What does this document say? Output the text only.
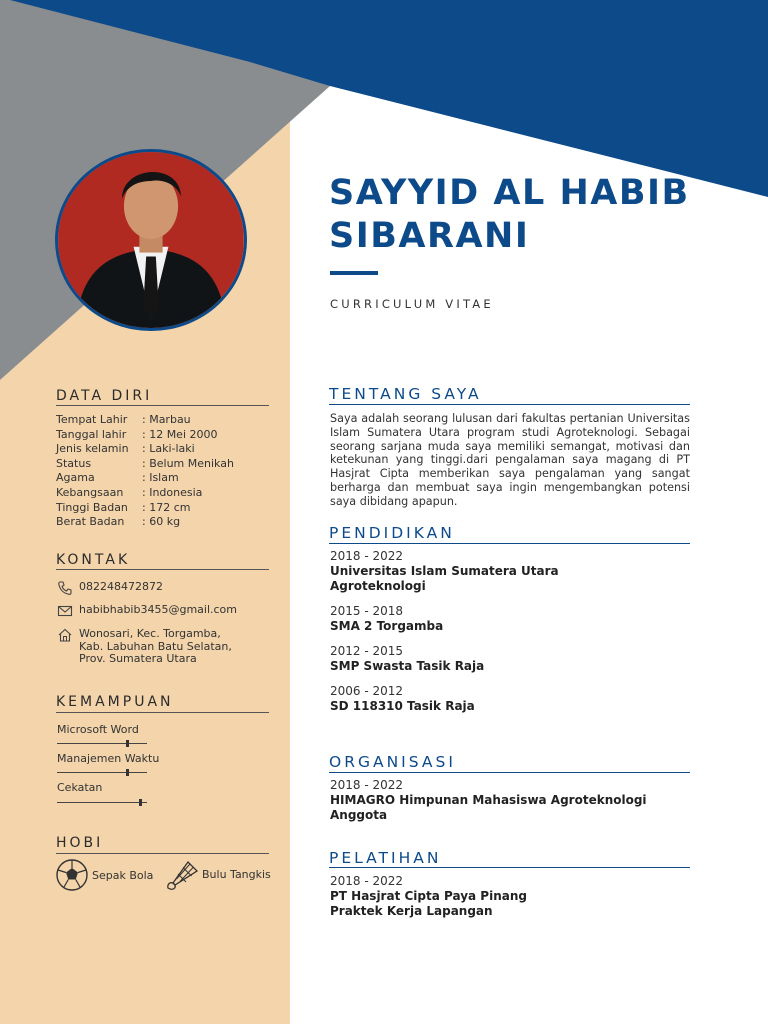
SAYYID AL HABIB SIBARANI
CURRICULUM VITAE
DATA DIRI
Tempat Lahir	: Marbau
Tanggal lahir	: 12 Mei 2000
Jenis kelamin	: Laki-laki
Status	: Belum Menikah
Agama	: Islam
Kebangsaan	: Indonesia
Tinggi Badan	: 172 cm
Berat Badan	: 60 kg
KONTAK
082248472872
habibhabib3455@gmail.com
Wonosari, Kec. Torgamba,
Kab. Labuhan Batu Selatan,
Prov. Sumatera Utara
KEMAMPUAN
Microsoft Word
Manajemen Waktu
Cekatan
HOBI
Sepak Bola	Bulu Tangkis
TENTANG SAYA
Saya adalah seorang lulusan dari fakultas pertanian Universitas Islam Sumatera Utara program studi Agroteknologi. Sebagai seorang sarjana muda saya memiliki semangat, motivasi dan ketekunan yang tinggi.dari pengalaman saya magang di PT Hasjrat Cipta memberikan saya pengalaman yang sangat berharga dan membuat saya ingin mengembangkan potensi saya dibidang apapun.
PENDIDIKAN
2018 - 2022
Universitas Islam Sumatera Utara
Agroteknologi
2015 - 2018
SMA 2 Torgamba
2012 - 2015
SMP Swasta Tasik Raja
2006 - 2012
SD 118310 Tasik Raja
ORGANISASI
2018 - 2022
HIMAGRO Himpunan Mahasiswa Agroteknologi
Anggota
PELATIHAN
2018 - 2022
PT Hasjrat Cipta Paya Pinang
Praktek Kerja Lapangan
